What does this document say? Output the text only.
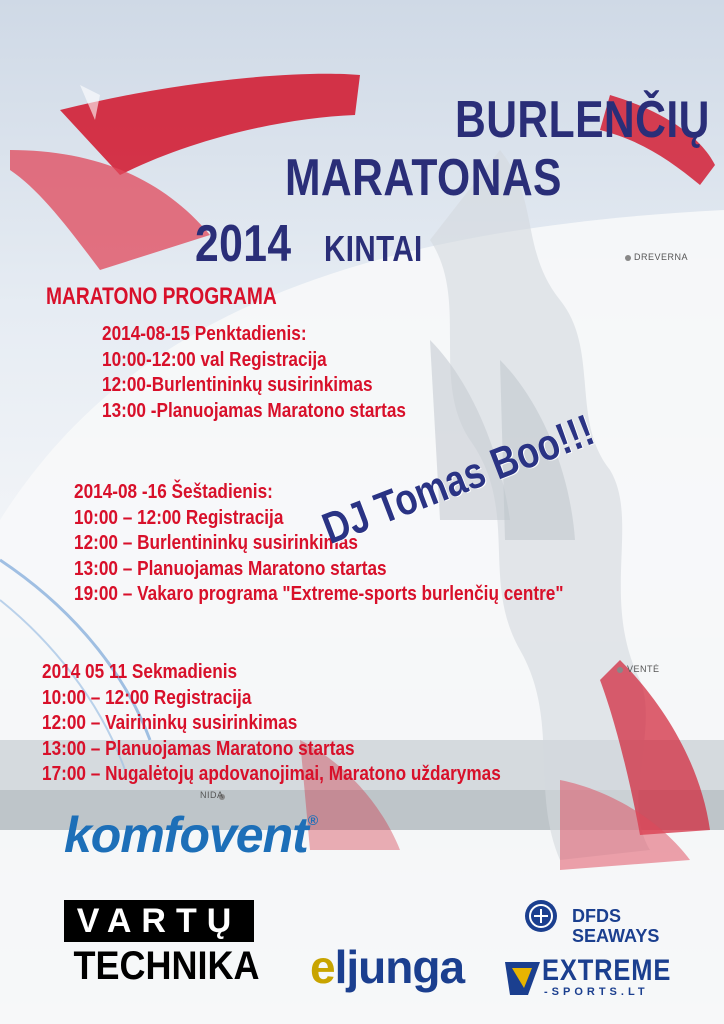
BURLENČIŲ
MARATONAS
2014 KINTAI	DREVERNA
VENTĖ
NIDA
MARATONO PROGRAMA
2014-08-15 Penktadienis:
10:00-12:00 val Registracija
12:00-Burlentininkų susirinkimas
13:00 -Planuojamas Maratono startas
2014-08 -16 Šeštadienis:
10:00 – 12:00 Registracija
12:00 – Burlentininkų susirinkimas
13:00 – Planuojamas Maratono startas
19:00 – Vakaro programa "Extreme-sports burlenčių centre"
2014 05 11 Sekmadienis
10:00 – 12:00 Registracija
12:00 – Vairininkų susirinkimas
13:00 – Planuojamas Maratono startas
17:00 – Nugalėtojų apdovanojimai, Maratono uždarymas
DJ Tomas Boo!!!
komfovent®
VARTŲ
TECHNIKA eljunga
DFDS
SEAWAYS
EXTREME
-SPORTS.LT
